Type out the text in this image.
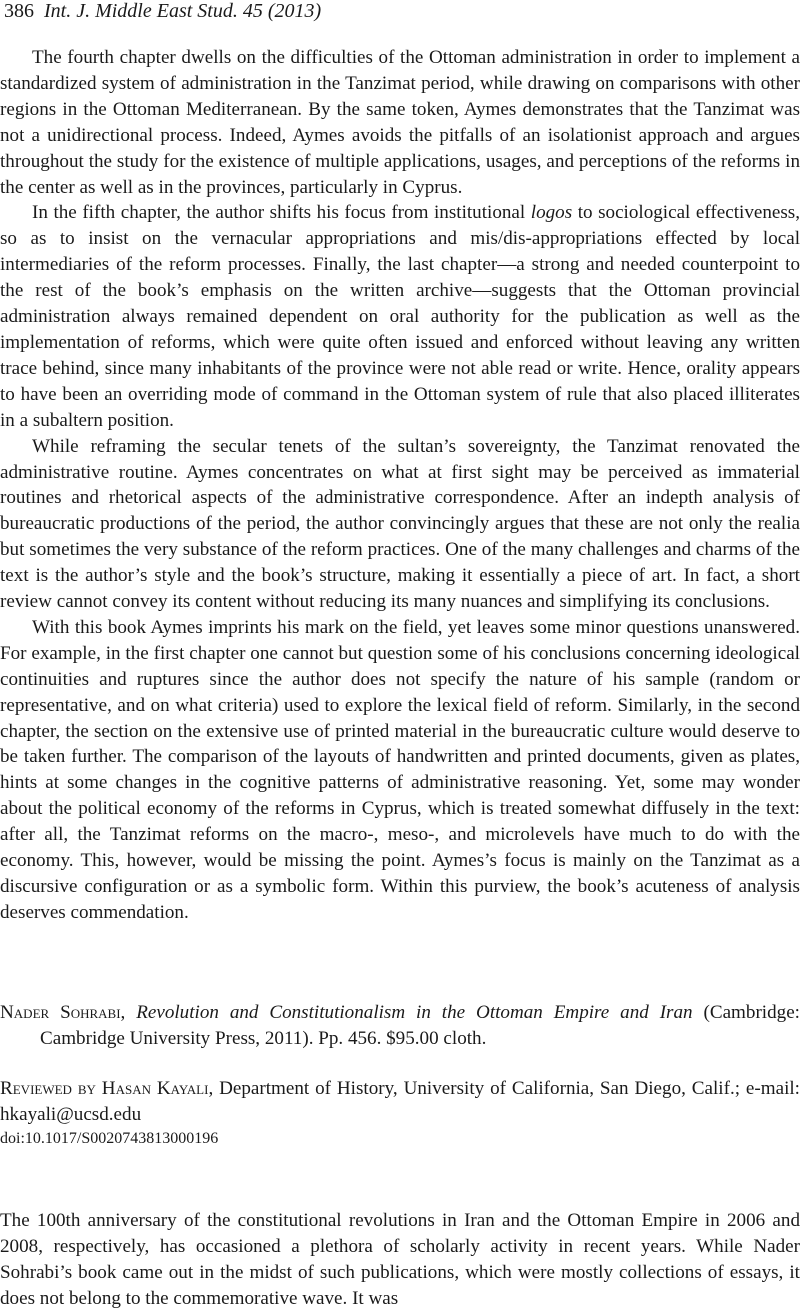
386 Int. J. Middle East Stud. 45 (2013)

The fourth chapter dwells on the difficulties of the Ottoman administration in order to implement a standardized system of administration in the Tanzimat period, while drawing on comparisons with other regions in the Ottoman Mediterranean. By the same token, Aymes demonstrates that the Tanzimat was not a unidirectional process. Indeed, Aymes avoids the pitfalls of an isolationist approach and argues throughout the study for the existence of multiple applications, usages, and perceptions of the reforms in the center as well as in the provinces, particularly in Cyprus.

In the fifth chapter, the author shifts his focus from institutional logos to sociological effectiveness, so as to insist on the vernacular appropriations and mis/dis-appropriations effected by local intermediaries of the reform processes. Finally, the last chapter—a strong and needed counterpoint to the rest of the book’s emphasis on the written archive—suggests that the Ottoman provincial administration always remained dependent on oral authority for the publication as well as the implementation of reforms, which were quite often issued and enforced without leaving any written trace behind, since many inhabitants of the province were not able read or write. Hence, orality appears to have been an overriding mode of command in the Ottoman system of rule that also placed illiterates in a subaltern position.

While reframing the secular tenets of the sultan’s sovereignty, the Tanzimat renovated the administrative routine. Aymes concentrates on what at first sight may be perceived as immaterial routines and rhetorical aspects of the administrative correspondence. After an indepth analysis of bureaucratic productions of the period, the author convincingly argues that these are not only the realia but sometimes the very substance of the reform practices. One of the many challenges and charms of the text is the author’s style and the book’s structure, making it essentially a piece of art. In fact, a short review cannot convey its content without reducing its many nuances and simplifying its conclusions.

With this book Aymes imprints his mark on the field, yet leaves some minor questions unanswered. For example, in the first chapter one cannot but question some of his conclusions concerning ideological continuities and ruptures since the author does not specify the nature of his sample (random or representative, and on what criteria) used to explore the lexical field of reform. Similarly, in the second chapter, the section on the extensive use of printed material in the bureaucratic culture would deserve to be taken further. The comparison of the layouts of handwritten and printed documents, given as plates, hints at some changes in the cognitive patterns of administrative reasoning. Yet, some may wonder about the political economy of the reforms in Cyprus, which is treated somewhat diffusely in the text: after all, the Tanzimat reforms on the macro-, meso-, and microlevels have much to do with the economy. This, however, would be missing the point. Aymes’s focus is mainly on the Tanzimat as a discursive configuration or as a symbolic form. Within this purview, the book’s acuteness of analysis deserves commendation.

Nader Sohrabi, Revolution and Constitutionalism in the Ottoman Empire and Iran (Cambridge: Cambridge University Press, 2011). Pp. 456. $95.00 cloth.

Reviewed by Hasan Kayali, Department of History, University of California, San Diego, Calif.; e-mail: hkayali@ucsd.edu

doi:10.1017/S0020743813000196

The 100th anniversary of the constitutional revolutions in Iran and the Ottoman Empire in 2006 and 2008, respectively, has occasioned a plethora of scholarly activity in recent years. While Nader Sohrabi’s book came out in the midst of such publications, which were mostly collections of essays, it does not belong to the commemorative wave. It was
